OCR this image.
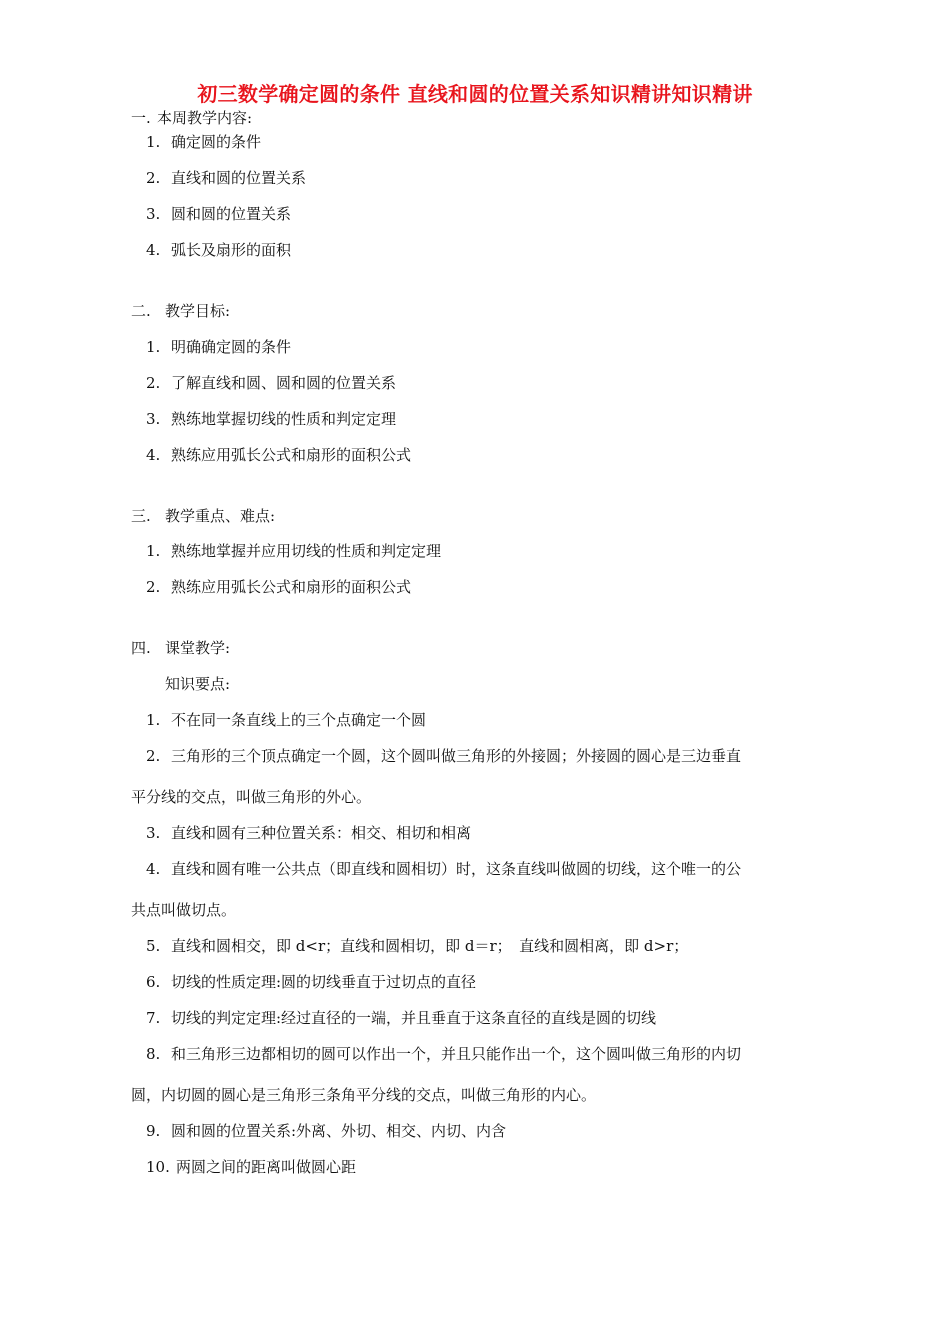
初三数学确定圆的条件 直线和圆的位置关系知识精讲知识精讲
一. 本周教学内容:
1. 确定圆的条件
2. 直线和圆的位置关系
3. 圆和圆的位置关系
4. 弧长及扇形的面积
二. 教学目标:
1. 明确确定圆的条件
2. 了解直线和圆、圆和圆的位置关系
3. 熟练地掌握切线的性质和判定定理
4. 熟练应用弧长公式和扇形的面积公式
三. 教学重点、难点:
1. 熟练地掌握并应用切线的性质和判定定理
2. 熟练应用弧长公式和扇形的面积公式
四. 课堂教学:
知识要点:
1. 不在同一条直线上的三个点确定一个圆
2. 三角形的三个顶点确定一个圆，这个圆叫做三角形的外接圆；外接圆的圆心是三边垂直
平分线的交点，叫做三角形的外心。
3. 直线和圆有三种位置关系：相交、相切和相离
4. 直线和圆有唯一公共点（即直线和圆相切）时，这条直线叫做圆的切线，这个唯一的公
共点叫做切点。
5. 直线和圆相交，即 d<r；直线和圆相切，即 d＝r；　直线和圆相离，即 d>r；
6. 切线的性质定理:圆的切线垂直于过切点的直径
7. 切线的判定定理:经过直径的一端，并且垂直于这条直径的直线是圆的切线
8. 和三角形三边都相切的圆可以作出一个，并且只能作出一个，这个圆叫做三角形的内切
圆，内切圆的圆心是三角形三条角平分线的交点，叫做三角形的内心。
9. 圆和圆的位置关系:外离、外切、相交、内切、内含
10. 两圆之间的距离叫做圆心距
